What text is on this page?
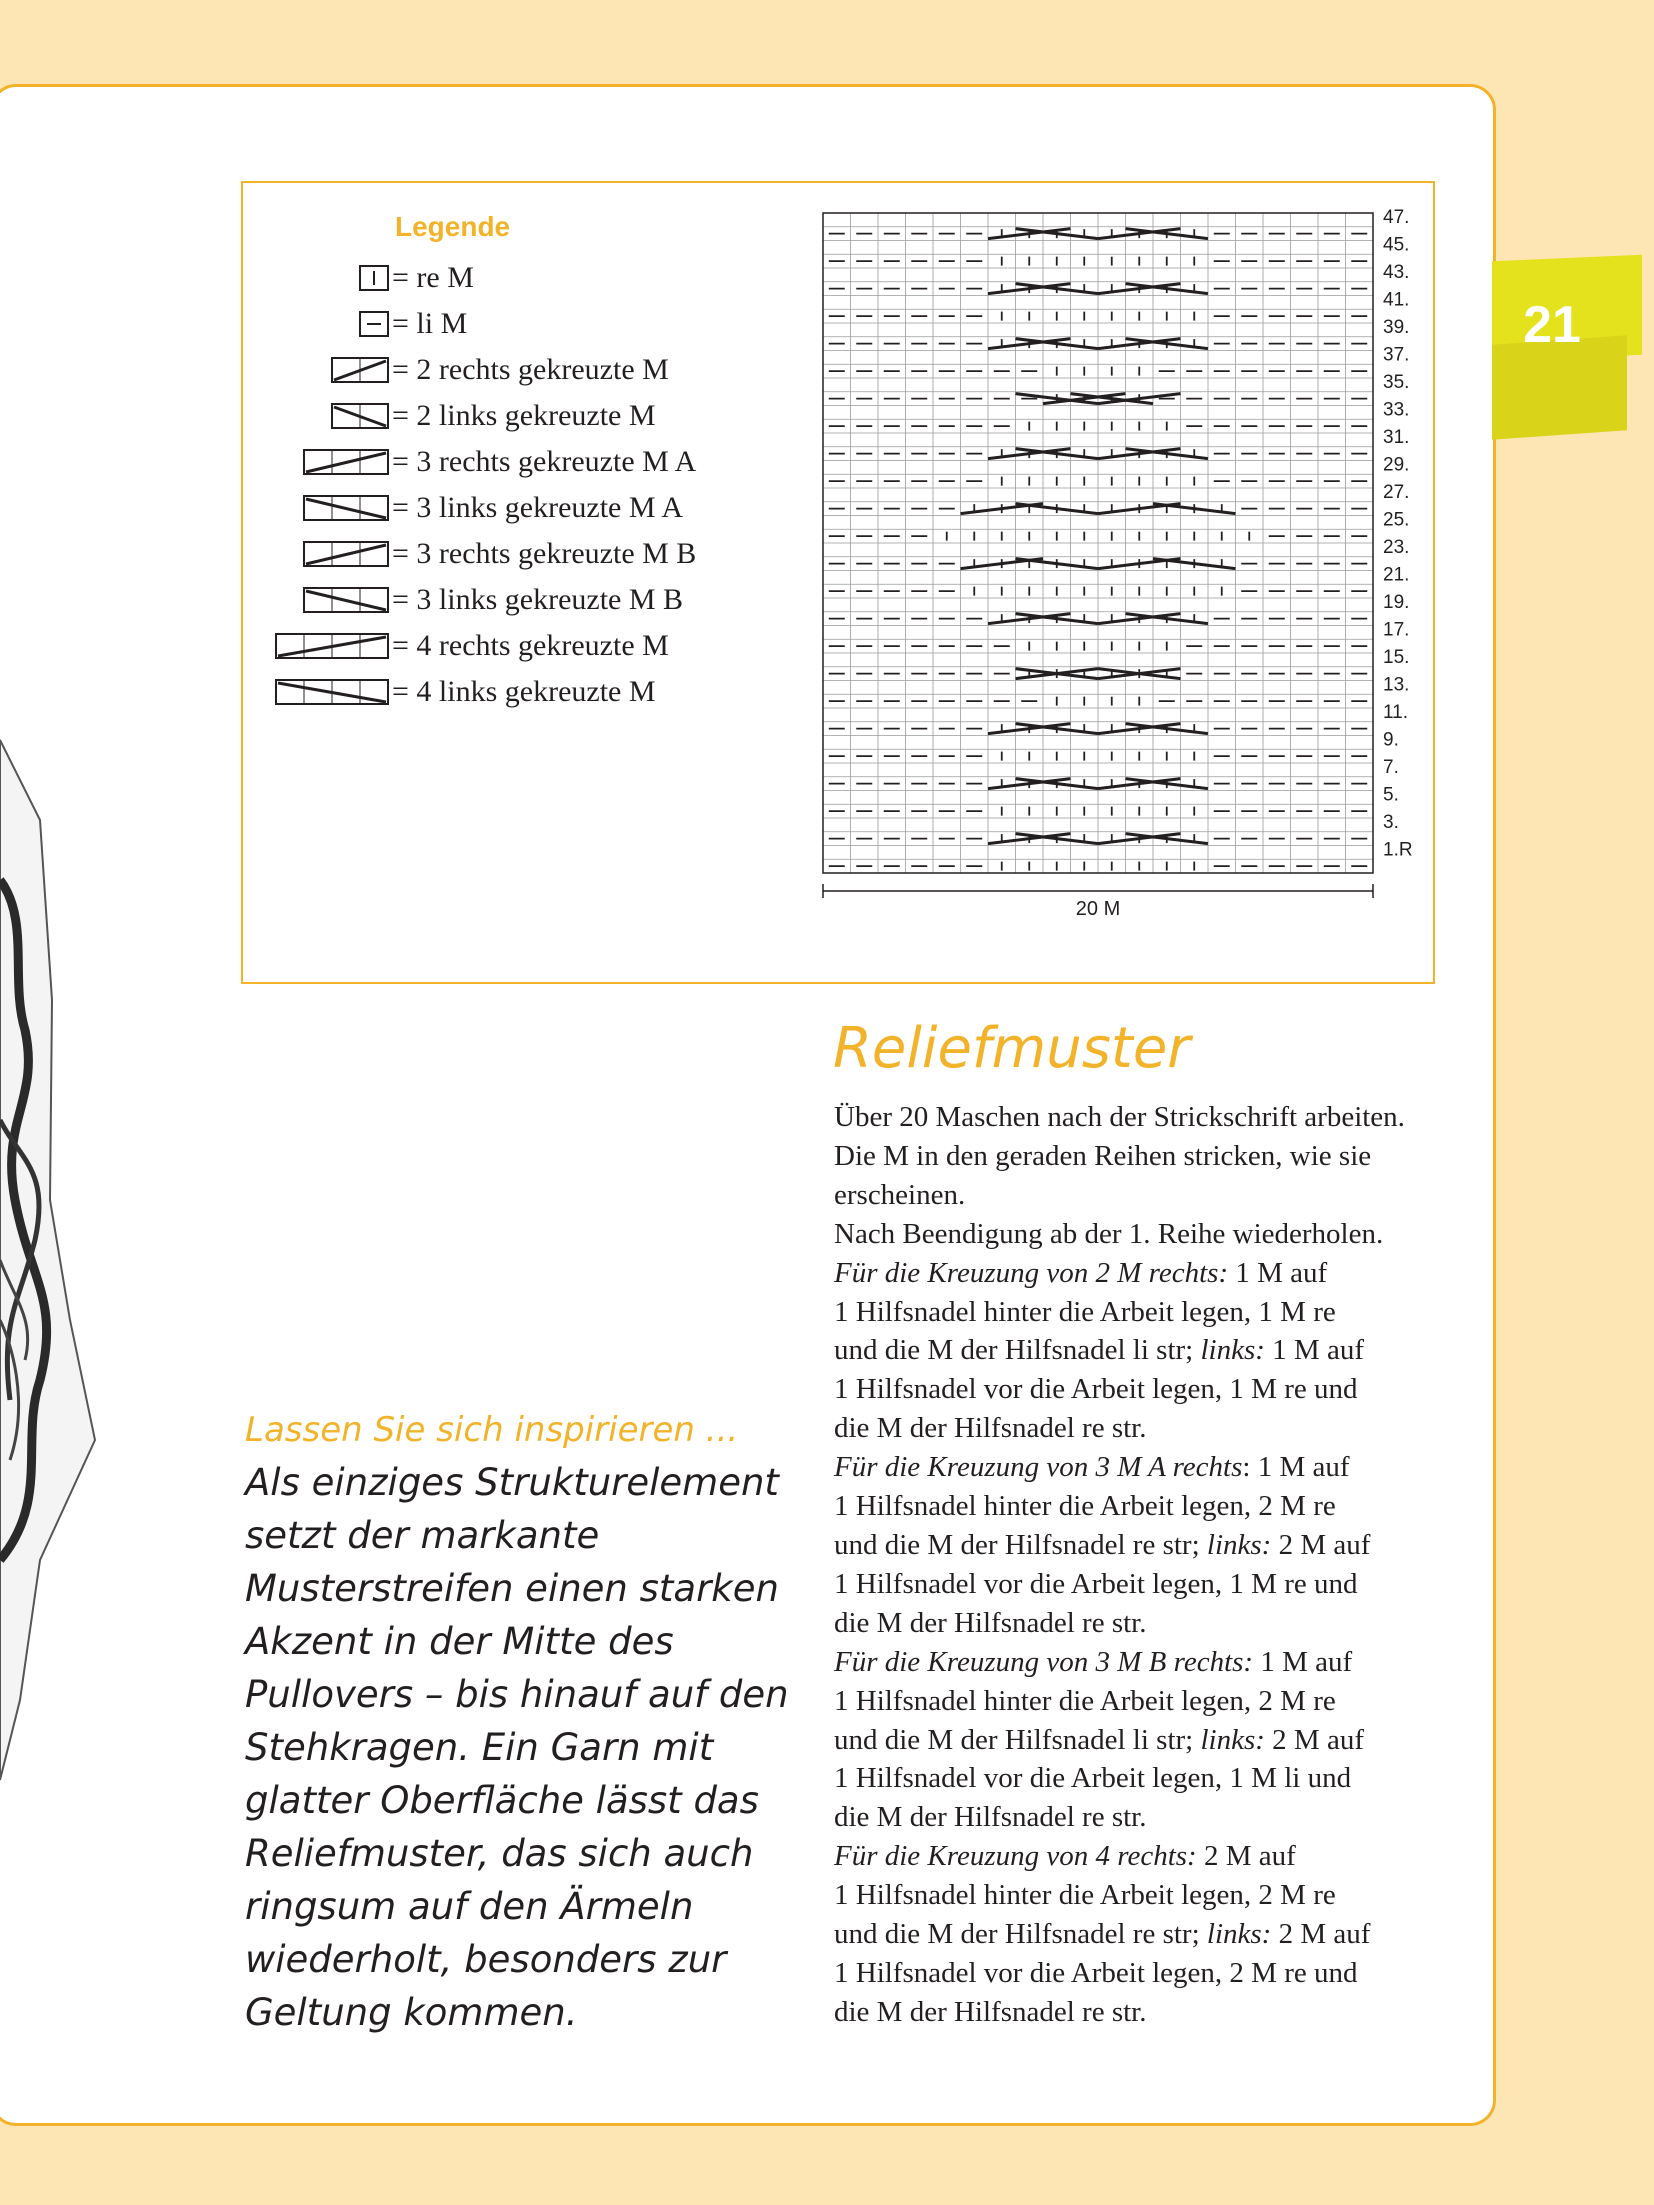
21
Legende
= re M
= li M
= 2 rechts gekreuzte M
= 2 links gekreuzte M
= 3 rechts gekreuzte M A
= 3 links gekreuzte M A
= 3 rechts gekreuzte M B
= 3 links gekreuzte M B
= 4 rechts gekreuzte M
= 4 links gekreuzte M
47.
45.
43.
41.
39.
37.
35.
33.
31.
29.
27.
25.
23.
21.
19.
17.
15.
13.
11.
9.
7.
5.
3.
1.R
20 M
Lassen Sie sich inspirieren ...
Als einziges Strukturelement
setzt der markante
Musterstreifen einen starken
Akzent in der Mitte des
Pullovers – bis hinauf auf den
Stehkragen. Ein Garn mit
glatter Oberfläche lässt das
Reliefmuster, das sich auch
ringsum auf den Ärmeln
wiederholt, besonders zur
Geltung kommen.
Reliefmuster
Über 20 Maschen nach der Strickschrift arbeiten.
Die M in den geraden Reihen stricken, wie sie
erscheinen.
Nach Beendigung ab der 1. Reihe wiederholen.
Für die Kreuzung von 2 M rechts: 1 M auf
1 Hilfsnadel hinter die Arbeit legen, 1 M re
und die M der Hilfsnadel li str; links: 1 M auf
1 Hilfsnadel vor die Arbeit legen, 1 M re und
die M der Hilfsnadel re str.
Für die Kreuzung von 3 M A rechts: 1 M auf
1 Hilfsnadel hinter die Arbeit legen, 2 M re
und die M der Hilfsnadel re str; links: 2 M auf
1 Hilfsnadel vor die Arbeit legen, 1 M re und
die M der Hilfsnadel re str.
Für die Kreuzung von 3 M B rechts: 1 M auf
1 Hilfsnadel hinter die Arbeit legen, 2 M re
und die M der Hilfsnadel li str; links: 2 M auf
1 Hilfsnadel vor die Arbeit legen, 1 M li und
die M der Hilfsnadel re str.
Für die Kreuzung von 4 rechts: 2 M auf
1 Hilfsnadel hinter die Arbeit legen, 2 M re
und die M der Hilfsnadel re str; links: 2 M auf
1 Hilfsnadel vor die Arbeit legen, 2 M re und
die M der Hilfsnadel re str.
